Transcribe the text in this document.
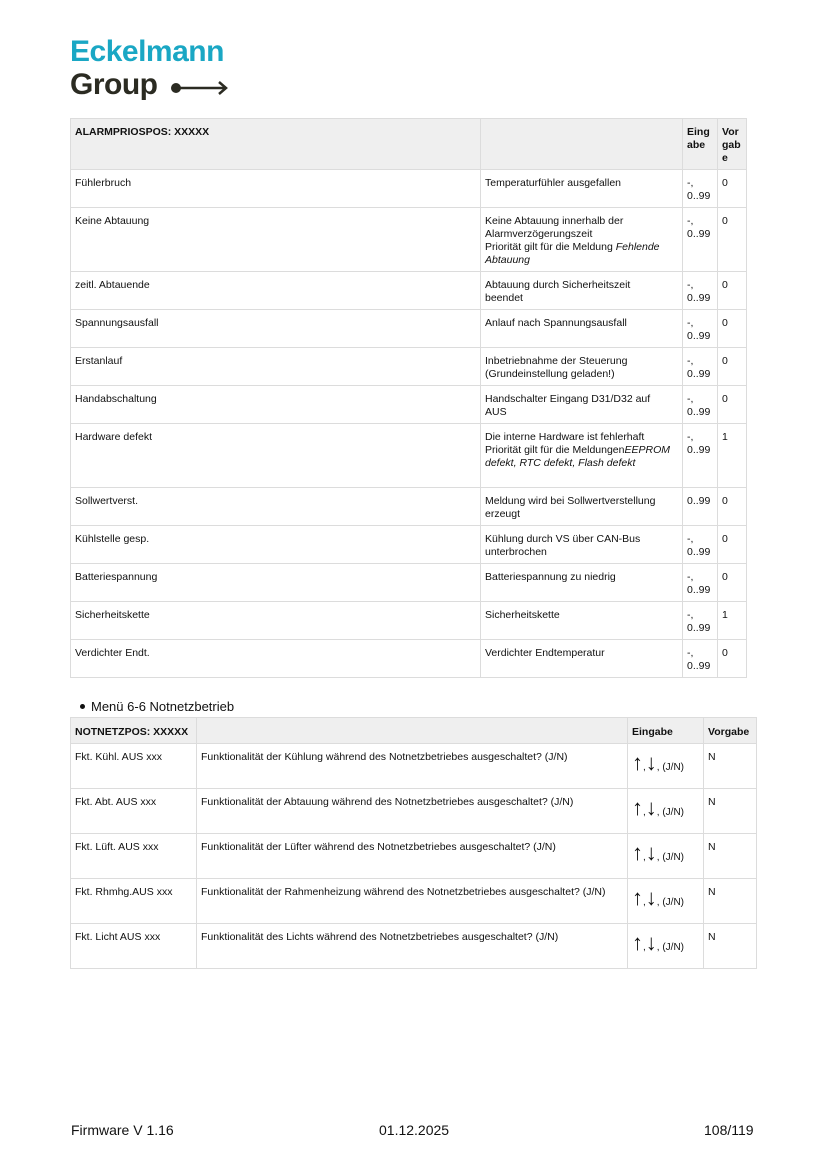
Eckelmann
Group
ALARMPRIOSPOS: XXXXX		Eing
abe	Vor
gab
e
Fühlerbruch	Temperaturfühler ausgefallen	-,
0..99	0
Keine Abtauung	Keine Abtauung innerhalb der
Alarmverzögerungszeit
Priorität gilt für die Meldung Fehlende Abtauung	-,
0..99	0
zeitl. Abtauende	Abtauung durch Sicherheitszeit
beendet	-,
0..99	0
Spannungsausfall	Anlauf nach Spannungsausfall	-,
0..99	0
Erstanlauf	Inbetriebnahme der Steuerung
(Grundeinstellung geladen!)	-,
0..99	0
Handabschaltung	Handschalter Eingang D31/D32 auf
AUS	-,
0..99	0
Hardware defekt	Die interne Hardware ist fehlerhaft
Priorität gilt für die MeldungenEEPROM defekt, RTC defekt, Flash defekt	-,
0..99	1
Sollwertverst.	Meldung wird bei Sollwertverstellung
erzeugt	0..99	0
Kühlstelle gesp.	Kühlung durch VS über CAN-Bus
unterbrochen	-,
0..99	0
Batteriespannung	Batteriespannung zu niedrig	-,
0..99	0
Sicherheitskette	Sicherheitskette	-,
0..99	1
Verdichter Endt.	Verdichter Endtemperatur	-,
0..99	0
Menü 6-6 Notnetzbetrieb
NOTNETZPOS: XXXXX		Eingabe	Vorgabe
Fkt. Kühl. AUS xxx	Funktionalität der Kühlung während des Notnetzbetriebes ausgeschaltet? (J/N)	↑ , ↓ , (J/N)	N
Fkt. Abt. AUS xxx	Funktionalität der Abtauung während des Notnetzbetriebes ausgeschaltet? (J/N)	↑ , ↓ , (J/N)	N
Fkt. Lüft. AUS xxx	Funktionalität der Lüfter während des Notnetzbetriebes ausgeschaltet? (J/N)	↑ , ↓ , (J/N)	N
Fkt. Rhmhg.AUS xxx	Funktionalität der Rahmenheizung während des Notnetzbetriebes ausgeschaltet? (J/N)	↑ , ↓ , (J/N)	N
Fkt. Licht AUS xxx	Funktionalität des Lichts während des Notnetzbetriebes ausgeschaltet? (J/N)	↑ , ↓ , (J/N)	N
Firmware V 1.16	01.12.2025	108/119
